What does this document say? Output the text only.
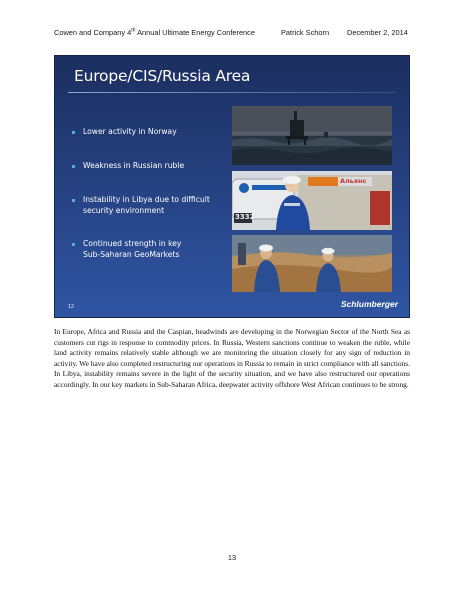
Cowen and Company 4th Annual Ultimate Energy Conference	Patrick Schorn December 2, 2014
Europe/CIS/Russia Area
Lower activity in Norway
Weakness in Russian ruble
Instability in Libya due to difficult security environment
Continued strength in key Sub-Saharan GeoMarkets
Альянс
3332
12	Schlumberger
In Europe, Africa and Russia and the Caspian, headwinds are developing in the Norwegian Sector of the North Sea as customers cut rigs in response to commodity prices. In Russia, Western sanctions continue to weaken the ruble, while land activity remains relatively stable although we are monitoring the situation closely for any sign of reduction in activity. We have also completed restructuring our operations in Russia to remain in strict compliance with all sanctions. In Libya, instability remains severe in the light of the security situation, and we have also restructured our operations accordingly. In our key markets in Sub-Saharan Africa, deepwater activity offshore West African continues to be strong.
13
